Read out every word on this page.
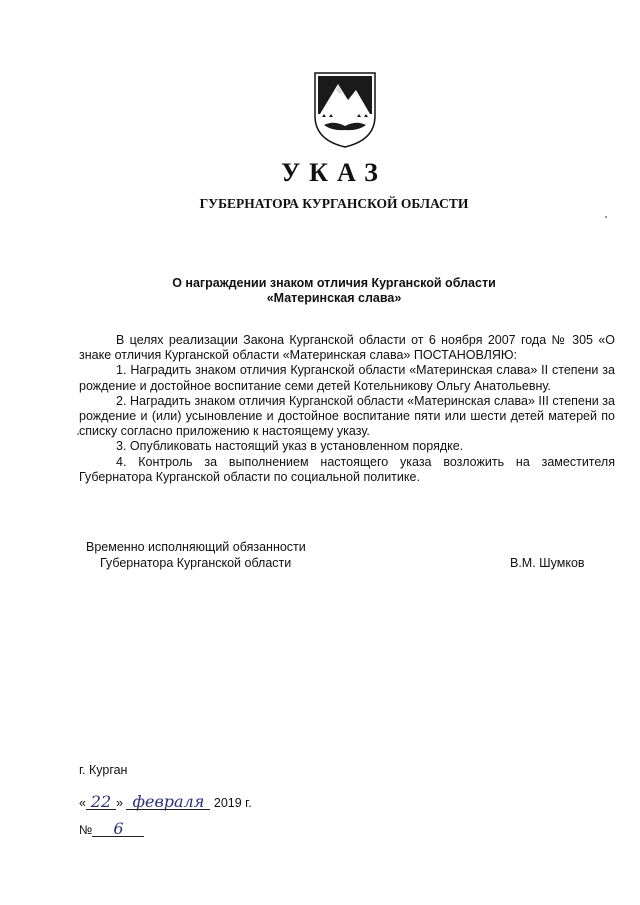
УКАЗ
ГУБЕРНАТОРА КУРГАНСКОЙ ОБЛАСТИ
О награждении знаком отличия Курганской области
«Материнская слава»

В целях реализации Закона Курганской области от 6 ноября 2007 года № 305 «О знаке отличия Курганской области «Материнская слава» ПОСТАНОВЛЯЮ:

1. Наградить знаком отличия Курганской области «Материнская слава» II степени за рождение и достойное воспитание семи детей Котельникову Ольгу Анатольевну.

2. Наградить знаком отличия Курганской области «Материнская слава» III степени за рождение и (или) усыновление и достойное воспитание пяти или шести детей матерей по списку согласно приложению к настоящему указу.

3. Опубликовать настоящий указ в установленном порядке.

4. Контроль за выполнением настоящего указа возложить на заместителя Губернатора Курганской области по социальной политике.

Временно исполняющий обязанности
Губернатора Курганской области	В.М. Шумков
г. Курган
« 22 » февраля 2019 г.
№ 6
